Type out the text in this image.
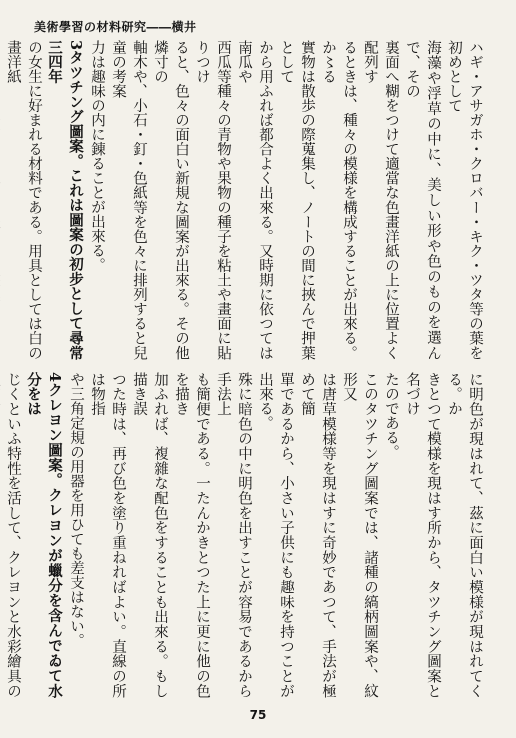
美術學習の材料研究――横井

ハギ・アサガホ・クロバー・キク・ツタ等の葉を初めとして

海藻や浮草の中に、美しい形や色のものを選んで、その

裏面へ糊をつけて適當な色畫洋紙の上に位置よく配列す

るときは、種々の模様を構成することが出來る。か〻る

實物は散歩の際蒐集し、ノートの間に挾んで押葉として

から用ふれば都合よく出來る。又時期に依つては南瓜や

西瓜等種々の青物や果物の種子を粘土や畫面に貼りつけ

ると、色々の面白い新規な圖案が出來る。その他燐寸の

軸木や、小石・釘・色紙等を色々に排列すると兒童の考案

力は趣味の内に錬ることが出來る。

3タツチング圖案。これは圖案の初步として尋常三四年

の女生に好まれる材料である。用具としては白の畫洋紙

に明色が現はれて、茲に面白い模様が現はれてくる。か

きとつて模様を現はす所から、タツチング圖案と名づけ

たのである。

このタツチング圖案では、諸種の縞柄圖案や、紋形又

は唐草模様等を現はすに奇妙であつて、手法が極めて簡

單であるから、小さい子供にも趣味を持つことが出來る。

殊に暗色の中に明色を出すことが容易であるから手法上

も簡便である。一たんかきとつた上に更に他の色を描き

加ふれば、複雜な配色をすることも出來る。もし描き誤

つた時は、再び色を塗り重ねればよい。直線の所は物指

や三角定規の用器を用ひても差支はない。

4クレヨン圖案。クレヨンが蠟分を含んでゐて水分をは

じくといふ特性を活して、クレヨンと水彩繪具の

75
